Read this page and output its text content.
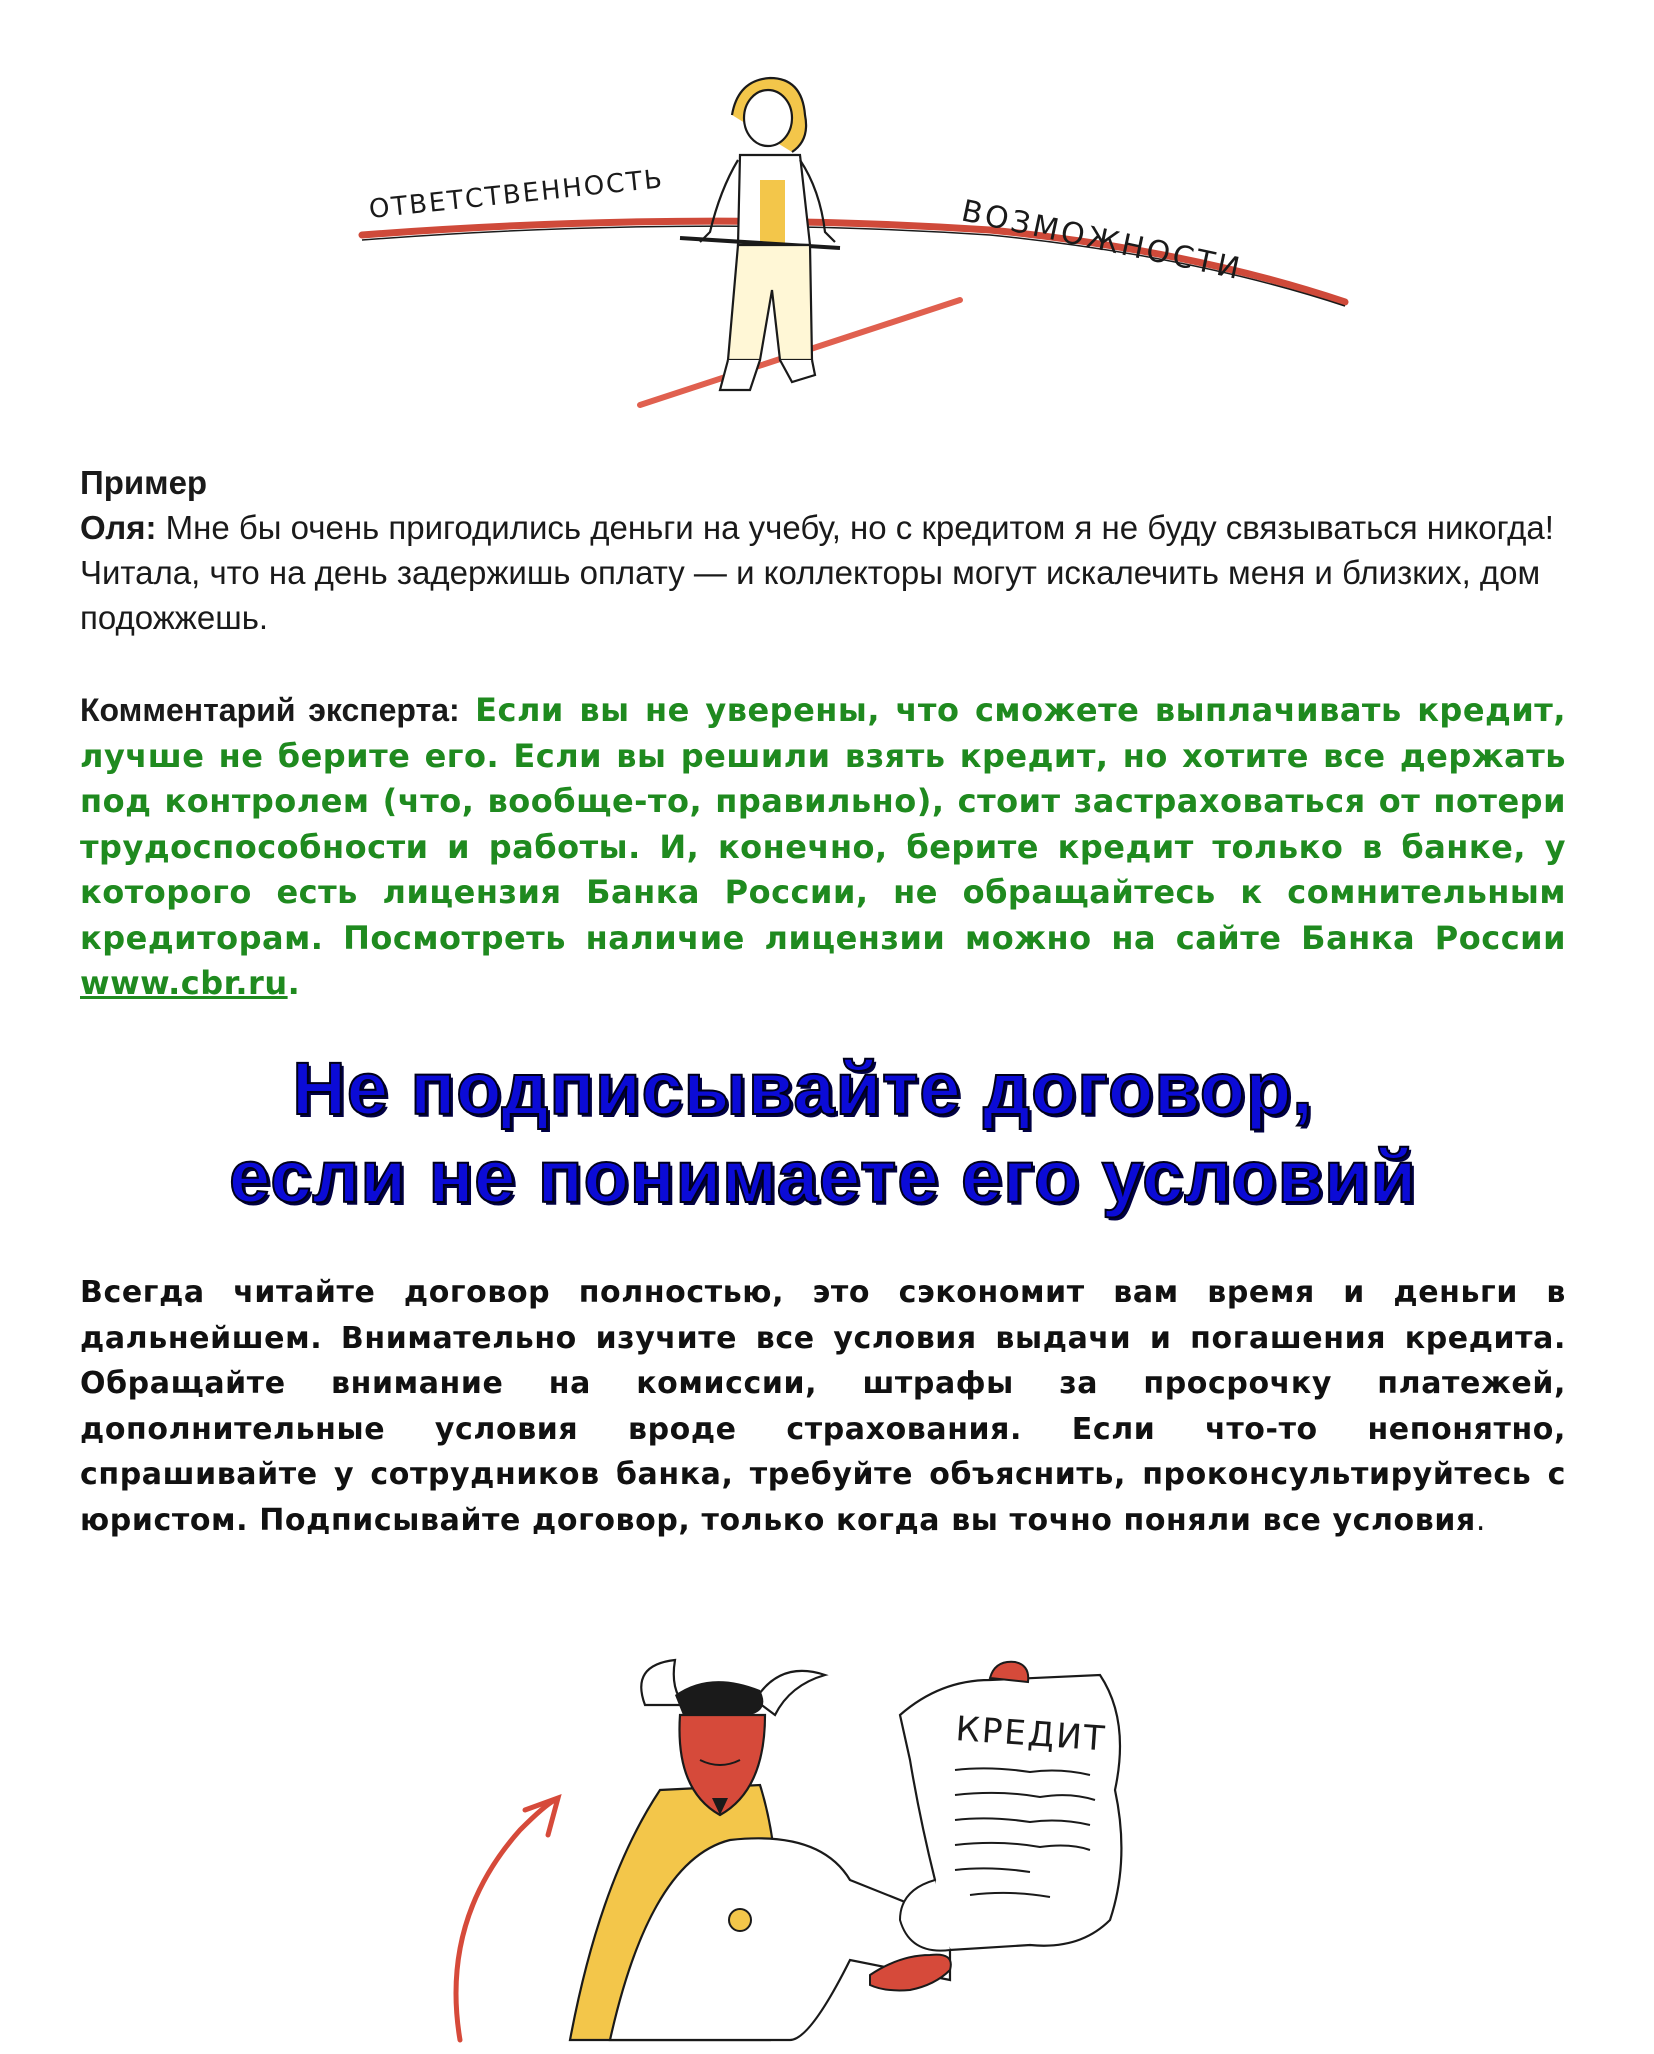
ОТВЕТСТВЕННОСТЬ	ВОЗМОЖНОСТИ
Пример
Оля: Мне бы очень пригодились деньги на учебу, но с кредитом я не буду связываться никогда! Читала, что на день задержишь оплату — и коллекторы могут искалечить меня и близких, дом подожжешь.
Комментарий эксперта: Если вы не уверены, что сможете выплачивать кредит, лучше не берите его. Если вы решили взять кредит, но хотите все держать под контролем (что, вообще-то, правильно), стоит застраховаться от потери трудоспособности и работы. И, конечно, берите кредит только в банке, у которого есть лицензия Банка России, не обращайтесь к сомнительным кредиторам. Посмотреть наличие лицензии можно на сайте Банка России www.cbr.ru.
Не подписывайте договор,
если не понимаете его условий
Всегда читайте договор полностью, это сэкономит вам время и деньги в дальнейшем. Внимательно изучите все условия выдачи и погашения кредита. Обращайте внимание на комиссии, штрафы за просрочку платежей, дополнительные условия вроде страхования. Если что-то непонятно, спрашивайте у сотрудников банка, требуйте объяснить, проконсультируйтесь с юристом. Подписывайте договор, только когда вы точно поняли все условия.
КРЕДИТ
